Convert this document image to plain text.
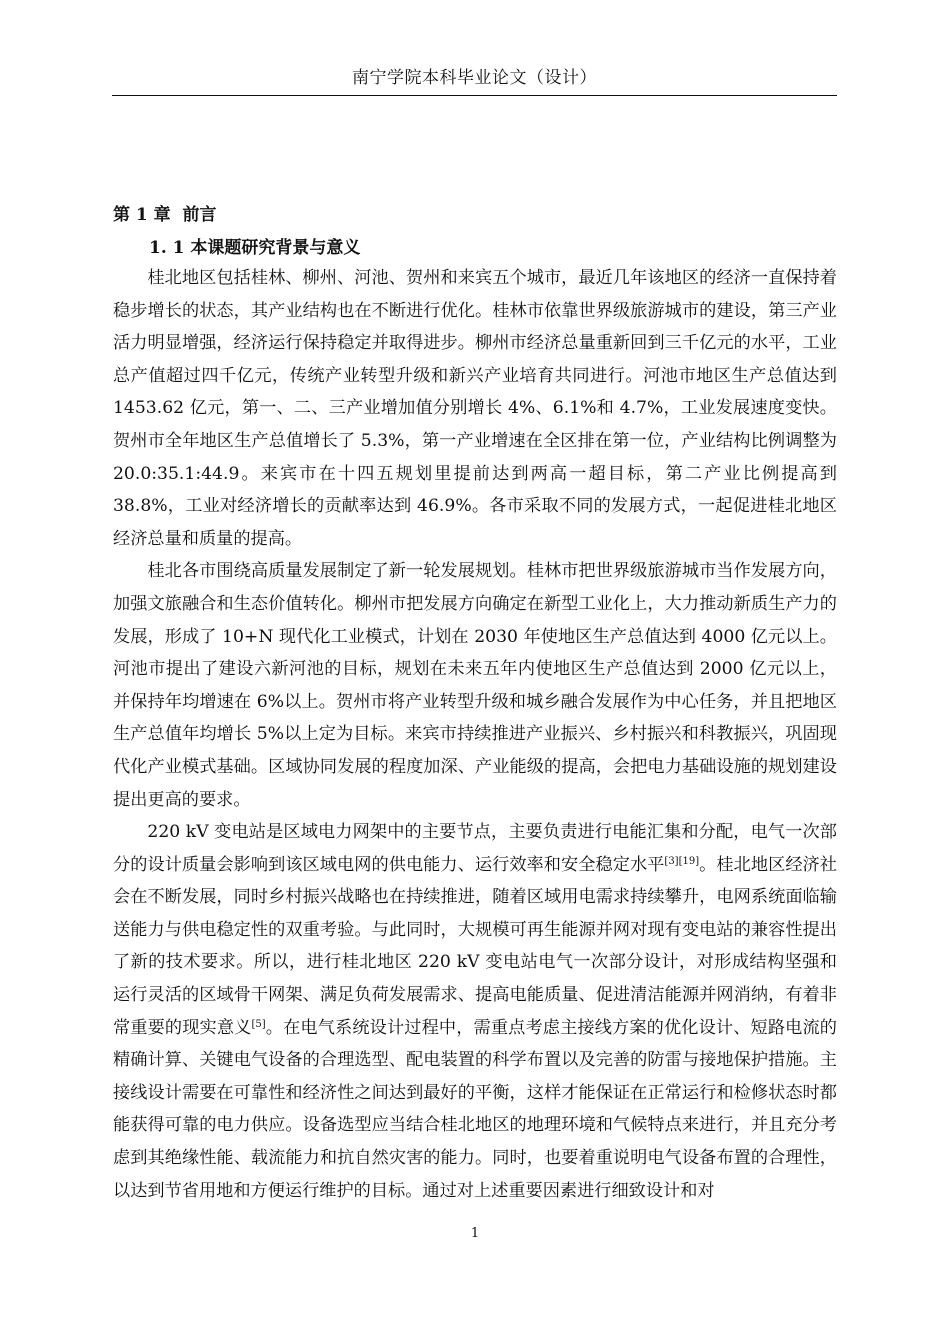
南宁学院本科毕业论文（设计）
第 1 章  前言
1. 1 本课题研究背景与意义

桂北地区包括桂林、柳州、河池、贺州和来宾五个城市，最近几年该地区的经济一直保持着稳步增长的状态，其产业结构也在不断进行优化。桂林市依靠世界级旅游城市的建设，第三产业活力明显增强，经济运行保持稳定并取得进步。柳州市经济总量重新回到三千亿元的水平，工业总产值超过四千亿元，传统产业转型升级和新兴产业培育共同进行。河池市地区生产总值达到 1453.62 亿元，第一、二、三产业增加值分别增长 4%、6.1%和 4.7%，工业发展速度变快。贺州市全年地区生产总值增长了 5.3%，第一产业增速在全区排在第一位，产业结构比例调整为 20.0:35.1:44.9。来宾市在十四五规划里提前达到两高一超目标，第二产业比例提高到 38.8%，工业对经济增长的贡献率达到 46.9%。各市采取不同的发展方式，一起促进桂北地区经济总量和质量的提高。

桂北各市围绕高质量发展制定了新一轮发展规划。桂林市把世界级旅游城市当作发展方向，加强文旅融合和生态价值转化。柳州市把发展方向确定在新型工业化上，大力推动新质生产力的发展，形成了 10+N 现代化工业模式，计划在 2030 年使地区生产总值达到 4000 亿元以上。河池市提出了建设六新河池的目标，规划在未来五年内使地区生产总值达到 2000 亿元以上，并保持年均增速在 6%以上。贺州市将产业转型升级和城乡融合发展作为中心任务，并且把地区生产总值年均增长 5%以上定为目标。来宾市持续推进产业振兴、乡村振兴和科教振兴，巩固现代化产业模式基础。区域协同发展的程度加深、产业能级的提高，会把电力基础设施的规划建设提出更高的要求。

220 kV 变电站是区域电力网架中的主要节点，主要负责进行电能汇集和分配，电气一次部分的设计质量会影响到该区域电网的供电能力、运行效率和安全稳定水平[3][19]。桂北地区经济社会在不断发展，同时乡村振兴战略也在持续推进，随着区域用电需求持续攀升，电网系统面临输送能力与供电稳定性的双重考验。与此同时，大规模可再生能源并网对现有变电站的兼容性提出了新的技术要求。所以，进行桂北地区 220 kV 变电站电气一次部分设计，对形成结构坚强和运行灵活的区域骨干网架、满足负荷发展需求、提高电能质量、促进清洁能源并网消纳，有着非常重要的现实意义[5]。在电气系统设计过程中，需重点考虑主接线方案的优化设计、短路电流的精确计算、关键电气设备的合理选型、配电装置的科学布置以及完善的防雷与接地保护措施。主接线设计需要在可靠性和经济性之间达到最好的平衡，这样才能保证在正常运行和检修状态时都能获得可靠的电力供应。设备选型应当结合桂北地区的地理环境和气候特点来进行，并且充分考虑到其绝缘性能、载流能力和抗自然灾害的能力。同时，也要着重说明电气设备布置的合理性，以达到节省用地和方便运行维护的目标。通过对上述重要因素进行细致设计和对

1
